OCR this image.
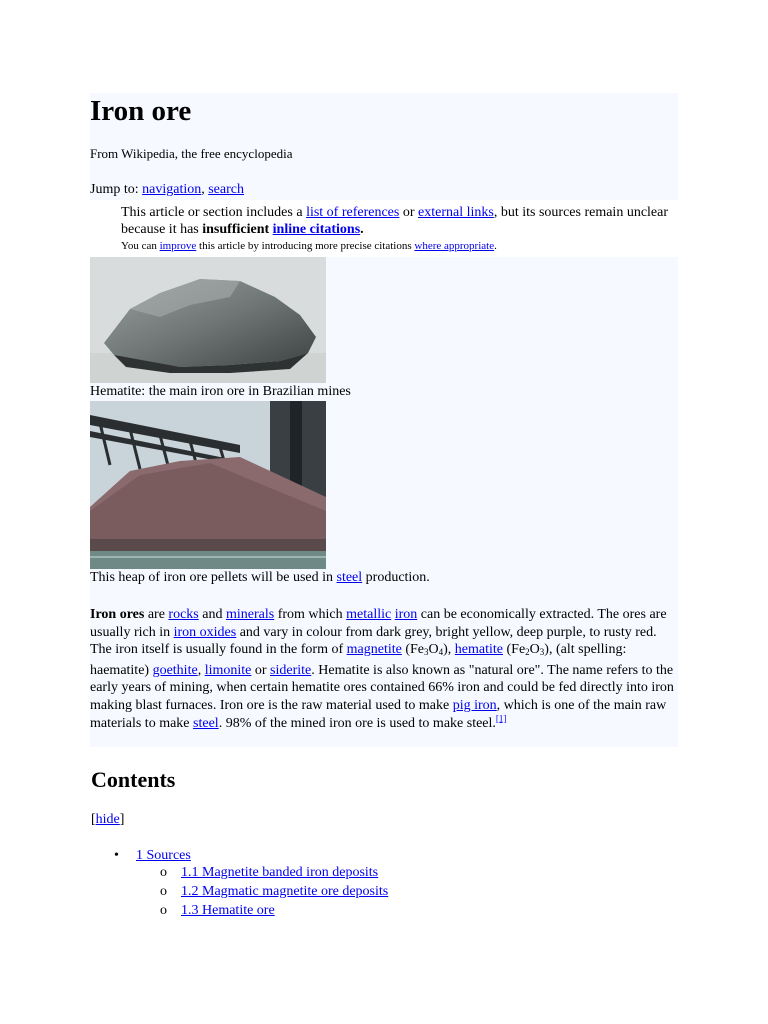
Iron ore
From Wikipedia, the free encyclopedia
Jump to: navigation, search
This article or section includes a list of references or external links, but its sources remain unclear because it has insufficient inline citations.
You can improve this article by introducing more precise citations where appropriate.
Hematite: the main iron ore in Brazilian mines
This heap of iron ore pellets will be used in steel production.
Iron ores are rocks and minerals from which metallic iron can be economically extracted. The ores are usually rich in iron oxides and vary in colour from dark grey, bright yellow, deep purple, to rusty red. The iron itself is usually found in the form of magnetite $(Fe_3O_4)$, hematite $(Fe_2O_3)$, (alt spelling: haematite) goethite, limonite or siderite. Hematite is also known as "natural ore". The name refers to the early years of mining, when certain hematite ores contained 66% iron and could be fed directly into iron making blast furnaces. Iron ore is the raw material used to make pig iron, which is one of the main raw materials to make steel. 98% of the mined iron ore is used to make steel.[1]
Contents
[hide]
• 1 Sources
o 1.1 Magnetite banded iron deposits
o 1.2 Magmatic magnetite ore deposits
o 1.3 Hematite ore
